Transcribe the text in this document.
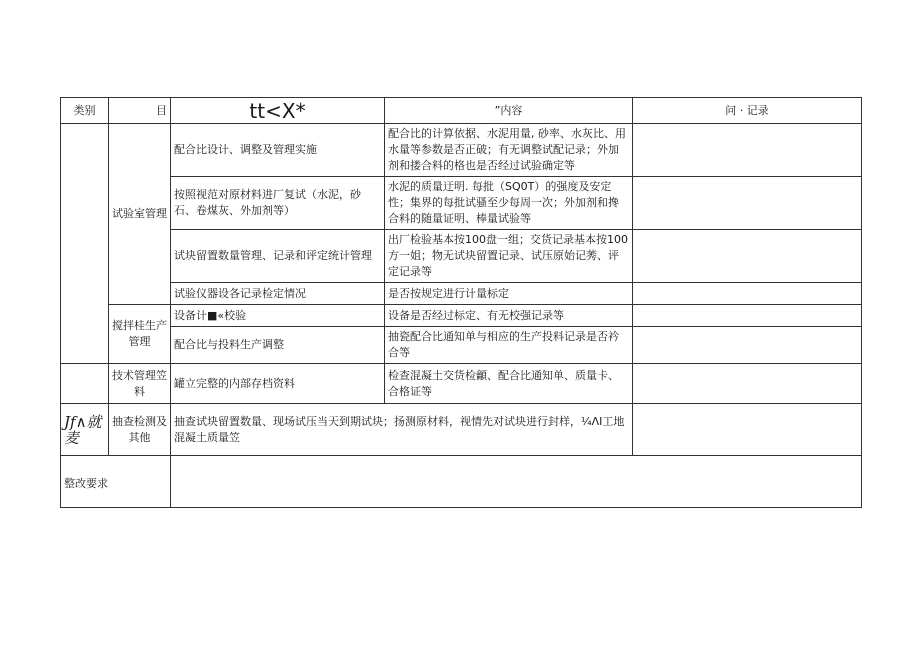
类别	目	tt<X*	”内容	问 · 记录
	试验室管理	配合比设计、调整及管理实施	配合比的计算依据、水泥用量, 砂率、水灰比、用水量等参数是否正破；有无调整试配记录；外加剂和搂合料的格也是否经过试验确定等	
		按照视范对原材料进厂复试（水泥，砂石、卷煤灰、外加剂等）	水泥的质量迂明. 每批（SQ0T）的强度及安定性；集界的每批试骚至少每周一次；外加剂和搀合料的随量证明、棒量试验等	
		试块留置数量管理、记录和评定统计管理	出厂检验基本按100盘一组；交货记录基本按100方一姐；物无试块留置记录、试压原始记莠、评定记录等	
		试验仪器设各记录检定情况	是否按规定进行计量标定	
	搅拌桂生产管理	设备计■«校验	设备是否经过标定、有无校强记录等	
		配合比与投料生产调整	抽瓷配合比通知单与相应的生产投料记录是否衿合等	
	技术管理笠料	罐立完整的内部存档资料	检查混凝土交货检龥、配合比通知单、质量卡、合格证等	
Jf∧就麦	抽查检测及其他	抽查试块留置数量、现场试压当天到期试块；扬测原材料，视情先对试块进行封样，¼ΛΙ工地混凝土质量笠		
整改要求				
